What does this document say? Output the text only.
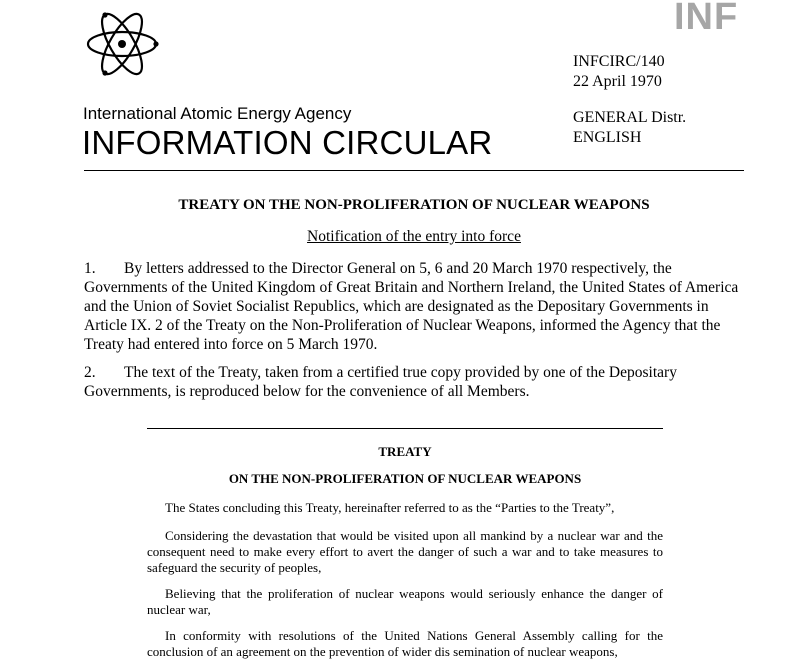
INF
International Atomic Energy Agency
INFORMATION CIRCULAR
INFCIRC/140
22 April 1970
GENERAL Distr.
ENGLISH
TREATY ON THE NON-PROLIFERATION OF NUCLEAR WEAPONS
Notification of the entry into force
1. By letters addressed to the Director General on 5, 6 and 20 March 1970 respectively, the Governments of the United Kingdom of Great Britain and Northern Ireland, the United States of America and the Union of Soviet Socialist Republics, which are designated as the Depositary Governments in Article IX. 2 of the Treaty on the Non-Proliferation of Nuclear Weapons, informed the Agency that the Treaty had entered into force on 5 March 1970.
2. The text of the Treaty, taken from a certified true copy provided by one of the Depositary Governments, is reproduced below for the convenience of all Members.
TREATY
ON THE NON-PROLIFERATION OF NUCLEAR WEAPONS
The States concluding this Treaty, hereinafter referred to as the “Parties to the Treaty”,
Considering the devastation that would be visited upon all mankind by a nuclear war and the consequent need to make every effort to avert the danger of such a war and to take measures to safeguard the security of peoples,
Believing that the proliferation of nuclear weapons would seriously enhance the danger of nuclear war,
In conformity with resolutions of the United Nations General Assembly calling for the conclusion of an agreement on the prevention of wider dis semination of nuclear weapons,
